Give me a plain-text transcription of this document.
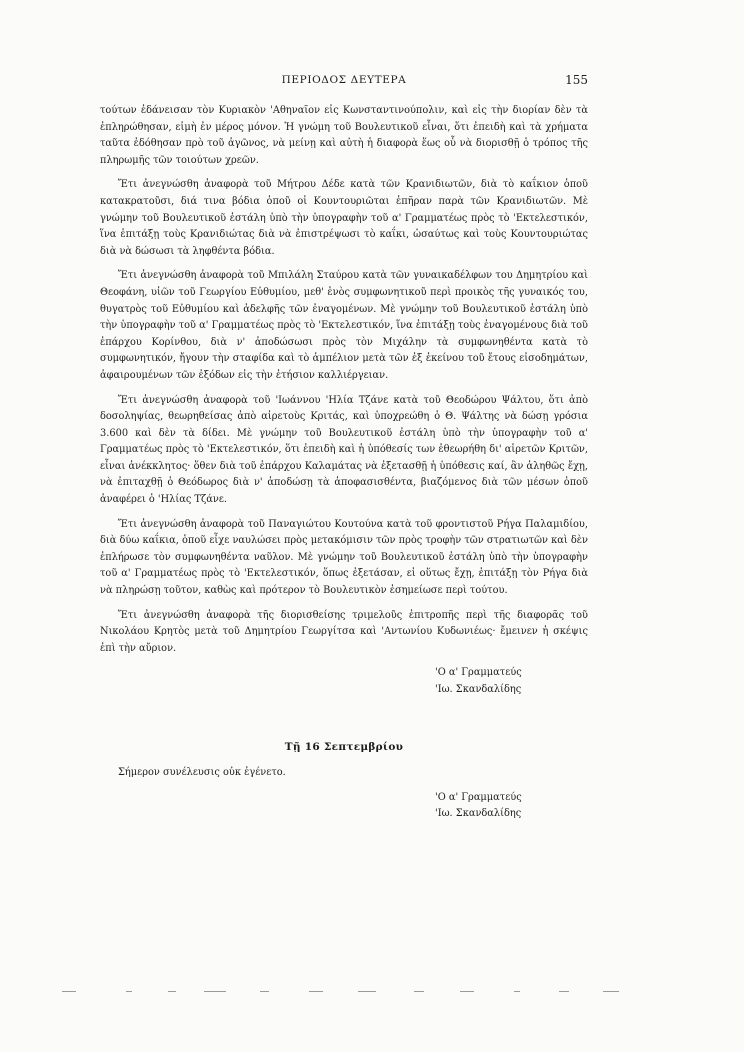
ΠΕΡΙΟΔΟΣ ΔΕΥΤΕΡΑ	155

τούτων ἐδάνεισαν τὸν Κυριακὸν 'Αθηναῖον εἰς Κωνσταντινούπολιν, καὶ εἰς τὴν διορίαν δὲν τὰ ἐπληρώθησαν, εἰμὴ ἐν μέρος μόνον. Ἡ γνώμη τοῦ Βουλευτικοῦ εἶναι, ὅτι ἐπειδὴ καὶ τὰ χρήματα ταῦτα ἐδόθησαν πρὸ τοῦ ἀγῶνος, νὰ μείνῃ καὶ αὐτὴ ἡ διαφορὰ ἕως οὗ νὰ διορισθῇ ὁ τρόπος τῆς πληρωμῆς τῶν τοιούτων χρεῶν.

Ἔτι ἀνεγνώσθη ἀναφορὰ τοῦ Μήτρου Δέδε κατὰ τῶν Κρανιδιωτῶν, διὰ τὸ καΐκιον ὁποῦ κατακρατοῦσι, διά τινα βόδια ὁποῦ οἱ Κουντουριῶται ἐπῆραν παρὰ τῶν Κρανιδιωτῶν. Μὲ γνώμην τοῦ Βουλευτικοῦ ἐστάλη ὑπὸ τὴν ὑπογραφὴν τοῦ α' Γραμματέως πρὸς τὸ 'Εκτελεστικόν, ἵνα ἐπιτάξῃ τοὺς Κρανιδιώτας διὰ νὰ ἐπιστρέψωσι τὸ καΐκι, ὡσαύτως καὶ τοὺς Κουντουριώτας διὰ νὰ δώσωσι τὰ ληφθέντα βόδια.

Ἔτι ἀνεγνώσθη ἀναφορὰ τοῦ Μπιλάλη Σταύρου κατὰ τῶν γυναικαδέλφων του Δημητρίου καὶ Θεοφάνη, υἱῶν τοῦ Γεωργίου Εὐθυμίου, μεθ' ἑνὸς συμφωνητικοῦ περὶ προικὸς τῆς γυναικός του, θυγατρὸς τοῦ Εὐθυμίου καὶ ἀδελφῆς τῶν ἐναγομένων. Μὲ γνώμην τοῦ Βουλευτικοῦ ἐστάλη ὑπὸ τὴν ὑπογραφὴν τοῦ α' Γραμματέως πρὸς τὸ 'Εκτελεστικόν, ἵνα ἐπιτάξῃ τοὺς ἐναγομένους διὰ τοῦ ἐπάρχου Κορίνθου, διὰ ν' ἀποδώσωσι πρὸς τὸν Μιχάλην τὰ συμφωνηθέντα κατὰ τὸ συμφωνητικόν, ἤγουν τὴν σταφίδα καὶ τὸ ἀμπέλιον μετὰ τῶν ἐξ ἐκείνου τοῦ ἔτους εἰσοδημάτων, ἀφαιρουμένων τῶν ἐξόδων εἰς τὴν ἐτήσιον καλλιέργειαν.

Ἔτι ἀνεγνώσθη ἀναφορὰ τοῦ 'Ιωάννου 'Ηλία Τζάνε κατὰ τοῦ Θεοδώρου Ψάλτου, ὅτι ἀπὸ δοσοληψίας, θεωρηθείσας ἀπὸ αἱρετοὺς Κριτάς, καὶ ὑποχρεώθη ὁ Θ. Ψάλτης νὰ δώσῃ γρόσια 3.600 καὶ δὲν τὰ δίδει. Μὲ γνώμην τοῦ Βουλευτικοῦ ἐστάλη ὑπὸ τὴν ὑπογραφὴν τοῦ α' Γραμματέως πρὸς τὸ 'Εκτελεστικόν, ὅτι ἐπειδὴ καὶ ἡ ὑπόθεσίς των ἐθεωρήθη δι' αἱρετῶν Κριτῶν, εἶναι ἀνέκκλητος· ὅθεν διὰ τοῦ ἐπάρχου Καλαμάτας νὰ ἐξετασθῇ ἡ ὑπόθεσις καί, ἂν ἀληθῶς ἔχῃ, νὰ ἐπιταχθῇ ὁ Θεόδωρος διὰ ν' ἀποδώσῃ τὰ ἀποφασισθέντα, βιαζόμενος διὰ τῶν μέσων ὁποῦ ἀναφέρει ὁ 'Ηλίας Τζάνε.

Ἔτι ἀνεγνώσθη ἀναφορὰ τοῦ Παναγιώτου Κουτούνα κατὰ τοῦ φροντιστοῦ Ρήγα Παλαμιδίου, διὰ δύω καΐκια, ὁποῦ εἶχε ναυλώσει πρὸς μετακόμισιν τῶν πρὸς τροφὴν τῶν στρατιωτῶν καὶ δὲν ἐπλήρωσε τὸν συμφωνηθέντα ναῦλον. Μὲ γνώμην τοῦ Βουλευτικοῦ ἐστάλη ὑπὸ τὴν ὑπογραφὴν τοῦ α' Γραμματέως πρὸς τὸ 'Εκτελεστικόν, ὅπως ἐξετάσαν, εἰ οὕτως ἔχῃ, ἐπιτάξῃ τὸν Ρήγα διὰ νὰ πληρώσῃ τοῦτον, καθὼς καὶ πρότερον τὸ Βουλευτικὸν ἐσημείωσε περὶ τούτου.

Ἔτι ἀνεγνώσθη ἀναφορὰ τῆς διορισθείσης τριμελοῦς ἐπιτροπῆς περὶ τῆς διαφορᾶς τοῦ Νικολάου Κρητὸς μετὰ τοῦ Δημητρίου Γεωργίτσα καὶ 'Αντωνίου Κυδωνιέως· ἔμεινεν ἡ σκέψις ἐπὶ τὴν αὔριον.

'Ο α' Γραμματεύς
'Ιω. Σκανδαλίδης
Τῇ 16 Σεπτεμβρίου

Σήμερον συνέλευσις οὐκ ἐγένετο.

'Ο α' Γραμματεύς
'Ιω. Σκανδαλίδης
